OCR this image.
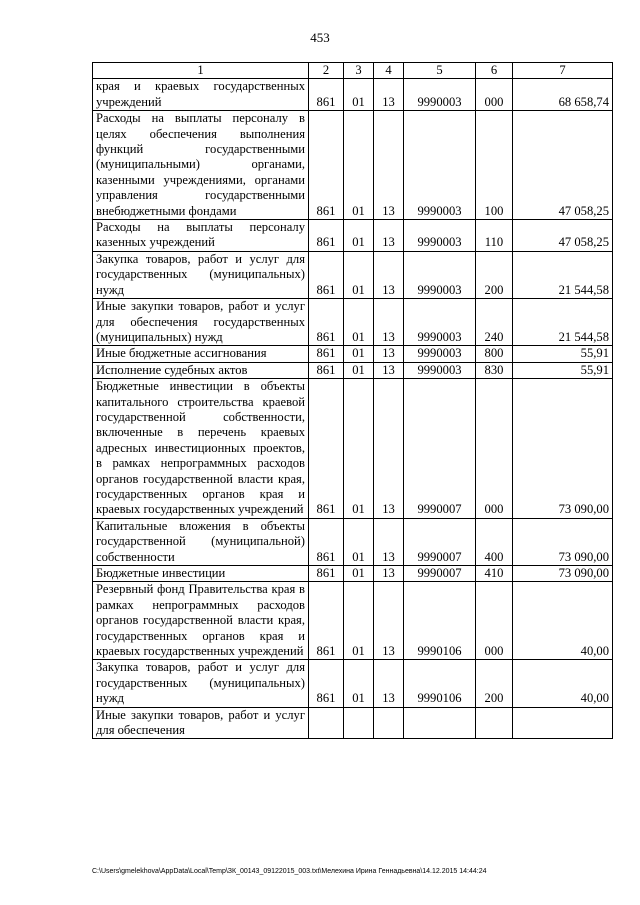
453
1	2	3	4	5	6	7
края и краевых государственных учреждений	861	01	13	9990003	000	68 658,74
Расходы на выплаты персоналу в целях обеспечения выполнения функций государственными (муниципальными) органами, казенными учреждениями, органами управления государственными внебюджетными фондами	861	01	13	9990003	100	47 058,25
Расходы на выплаты персоналу казенных учреждений	861	01	13	9990003	110	47 058,25
Закупка товаров, работ и услуг для государственных (муниципальных) нужд	861	01	13	9990003	200	21 544,58
Иные закупки товаров, работ и услуг для обеспечения государственных (муниципальных) нужд	861	01	13	9990003	240	21 544,58
Иные бюджетные ассигнования	861	01	13	9990003	800	55,91
Исполнение судебных актов	861	01	13	9990003	830	55,91
Бюджетные инвестиции в объекты капитального строительства краевой государственной собственности, включенные в перечень краевых адресных инвестиционных проектов, в рамках непрограммных расходов органов государственной власти края, государственных органов края и краевых государственных учреждений	861	01	13	9990007	000	73 090,00
Капитальные вложения в объекты государственной (муниципальной) собственности	861	01	13	9990007	400	73 090,00
Бюджетные инвестиции	861	01	13	9990007	410	73 090,00
Резервный фонд Правительства края в рамках непрограммных расходов органов государственной власти края, государственных органов края и краевых государственных учреждений	861	01	13	9990106	000	40,00
Закупка товаров, работ и услуг для государственных (муниципальных) нужд	861	01	13	9990106	200	40,00
Иные закупки товаров, работ и услуг для обеспечения						
C:\Users\gmelekhova\AppData\Local\Temp\ЗК_00143_09122015_003.txt\Мелехина Ирина Геннадьевна\14.12.2015 14:44:24
